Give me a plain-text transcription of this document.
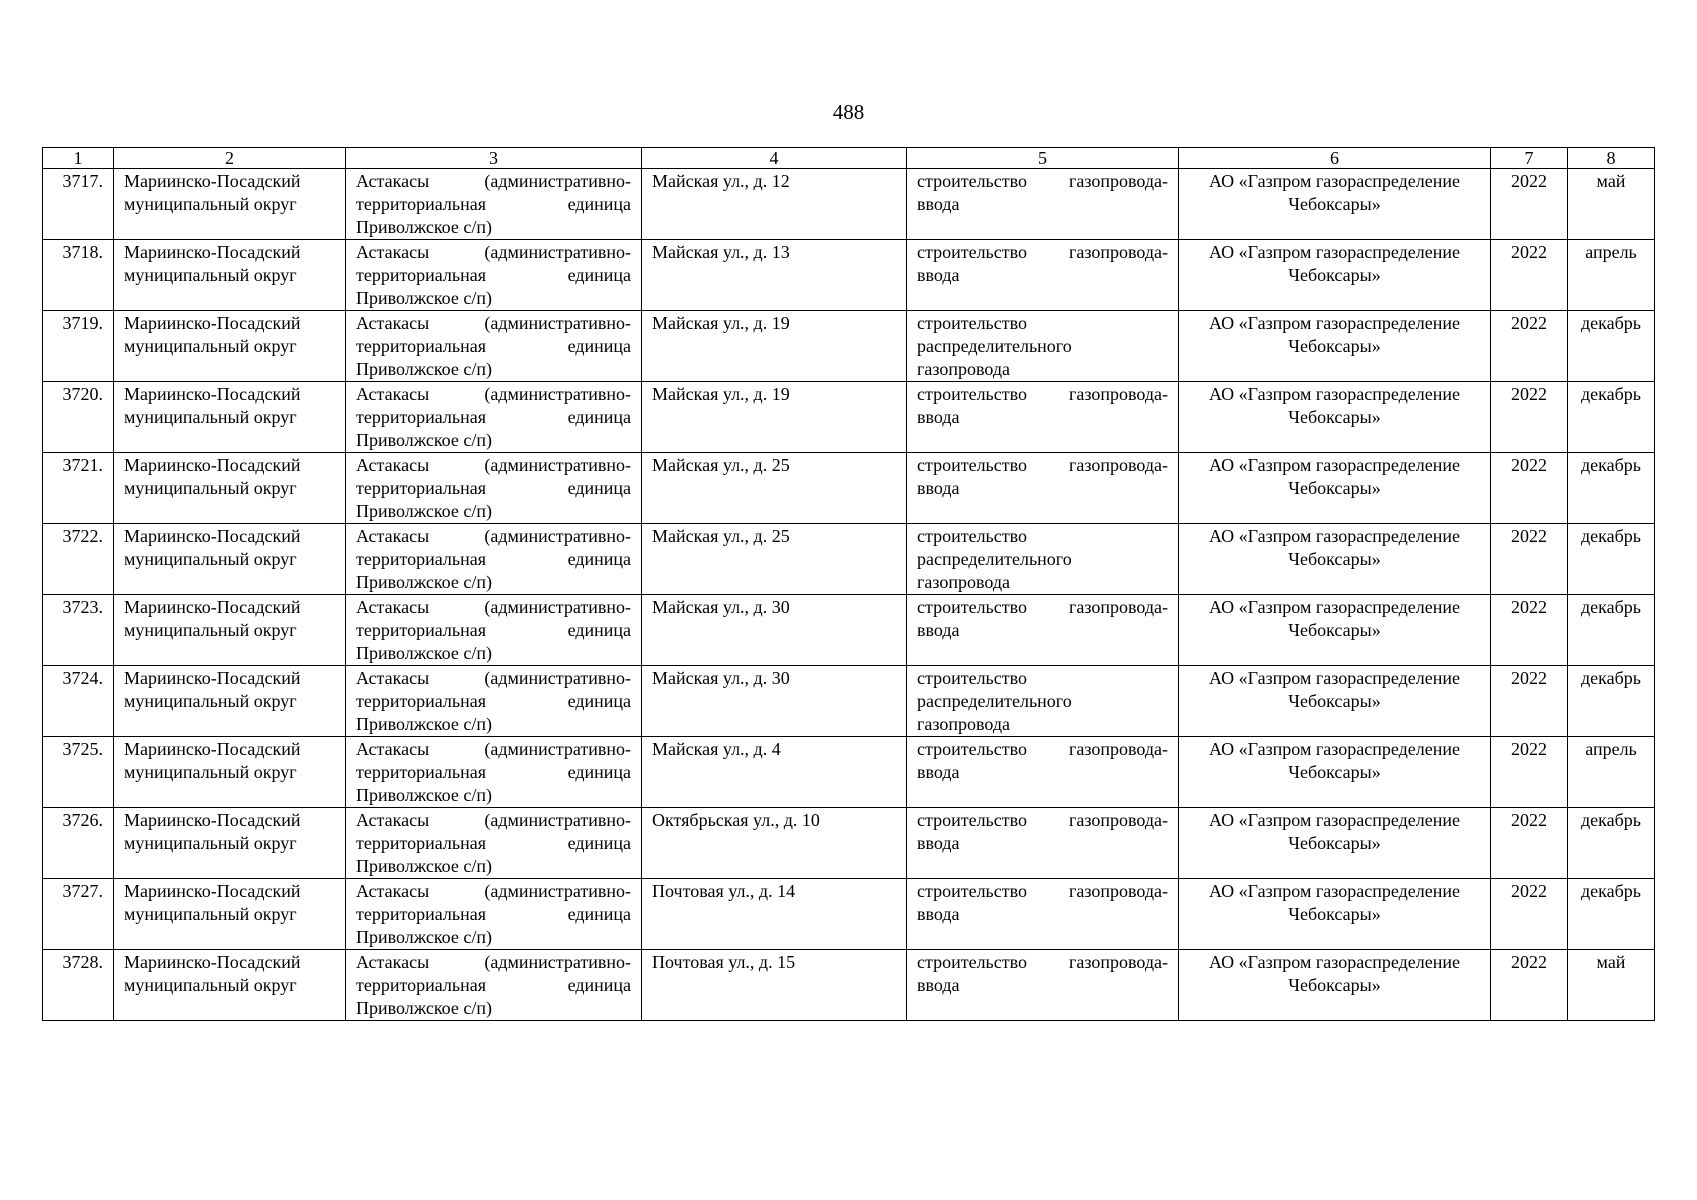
488
1	2	3	4	5	6	7	8
3717.	Мариинско-Посадский муниципальный округ	Астакасы (административно-территориальная единица Приволжское с/п)	Майская ул., д. 12	строительство газопровода-ввода	АО «Газпром газораспределение Чебоксары»	2022	май
3718.	Мариинско-Посадский муниципальный округ	Астакасы (административно-территориальная единица Приволжское с/п)	Майская ул., д. 13	строительство газопровода-ввода	АО «Газпром газораспределение Чебоксары»	2022	апрель
3719.	Мариинско-Посадский муниципальный округ	Астакасы (административно-территориальная единица Приволжское с/п)	Майская ул., д. 19	строительство распределительного газопровода	АО «Газпром газораспределение Чебоксары»	2022	декабрь
3720.	Мариинско-Посадский муниципальный округ	Астакасы (административно-территориальная единица Приволжское с/п)	Майская ул., д. 19	строительство газопровода-ввода	АО «Газпром газораспределение Чебоксары»	2022	декабрь
3721.	Мариинско-Посадский муниципальный округ	Астакасы (административно-территориальная единица Приволжское с/п)	Майская ул., д. 25	строительство газопровода-ввода	АО «Газпром газораспределение Чебоксары»	2022	декабрь
3722.	Мариинско-Посадский муниципальный округ	Астакасы (административно-территориальная единица Приволжское с/п)	Майская ул., д. 25	строительство распределительного газопровода	АО «Газпром газораспределение Чебоксары»	2022	декабрь
3723.	Мариинско-Посадский муниципальный округ	Астакасы (административно-территориальная единица Приволжское с/п)	Майская ул., д. 30	строительство газопровода-ввода	АО «Газпром газораспределение Чебоксары»	2022	декабрь
3724.	Мариинско-Посадский муниципальный округ	Астакасы (административно-территориальная единица Приволжское с/п)	Майская ул., д. 30	строительство распределительного газопровода	АО «Газпром газораспределение Чебоксары»	2022	декабрь
3725.	Мариинско-Посадский муниципальный округ	Астакасы (административно-территориальная единица Приволжское с/п)	Майская ул., д. 4	строительство газопровода-ввода	АО «Газпром газораспределение Чебоксары»	2022	апрель
3726.	Мариинско-Посадский муниципальный округ	Астакасы (административно-территориальная единица Приволжское с/п)	Октябрьская ул., д. 10	строительство газопровода-ввода	АО «Газпром газораспределение Чебоксары»	2022	декабрь
3727.	Мариинско-Посадский муниципальный округ	Астакасы (административно-территориальная единица Приволжское с/п)	Почтовая ул., д. 14	строительство газопровода-ввода	АО «Газпром газораспределение Чебоксары»	2022	декабрь
3728.	Мариинско-Посадский муниципальный округ	Астакасы (административно-территориальная единица Приволжское с/п)	Почтовая ул., д. 15	строительство газопровода-ввода	АО «Газпром газораспределение Чебоксары»	2022	май
